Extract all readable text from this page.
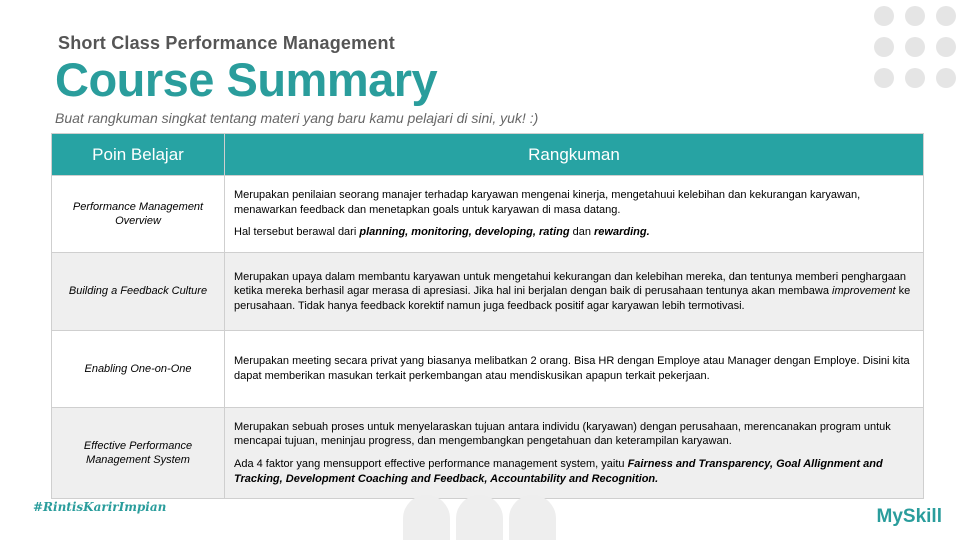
Short Class Performance Management
Course Summary
Buat rangkuman singkat tentang materi yang baru kamu pelajari di sini, yuk! :)
Poin Belajar	Rangkuman
Performance Management Overview	Merupakan penilaian seorang manajer terhadap karyawan mengenai kinerja, mengetahuui kelebihan dan kekurangan karyawan, menawarkan feedback dan menetapkan goals untuk karyawan di masa datang.
Hal tersebut berawal dari planning, monitoring, developing, rating dan rewarding.
Building a Feedback Culture	Merupakan upaya dalam membantu karyawan untuk mengetahui kekurangan dan kelebihan mereka, dan tentunya memberi penghargaan ketika mereka berhasil agar merasa di apresiasi. Jika hal ini berjalan dengan baik di perusahaan tentunya akan membawa improvement ke perusahaan. Tidak hanya feedback korektif namun juga feedback positif agar karyawan lebih termotivasi.
Enabling One-on-One	Merupakan meeting secara privat yang biasanya melibatkan 2 orang. Bisa HR dengan Employe atau Manager dengan Employe. Disini kita dapat memberikan masukan terkait perkembangan atau mendiskusikan apapun terkait pekerjaan.
Effective Performance Management System	Merupakan sebuah proses untuk menyelaraskan tujuan antara individu (karyawan) dengan perusahaan, merencanakan program untuk mencapai tujuan, meninjau progress, dan mengembangkan pengetahuan dan keterampilan karyawan.
Ada 4 faktor yang mensupport effective performance management system, yaitu Fairness and Transparency, Goal Allignment and Tracking, Development Coaching and Feedback, Accountability and Recognition.
#RintisKarirImpian	MySkill
